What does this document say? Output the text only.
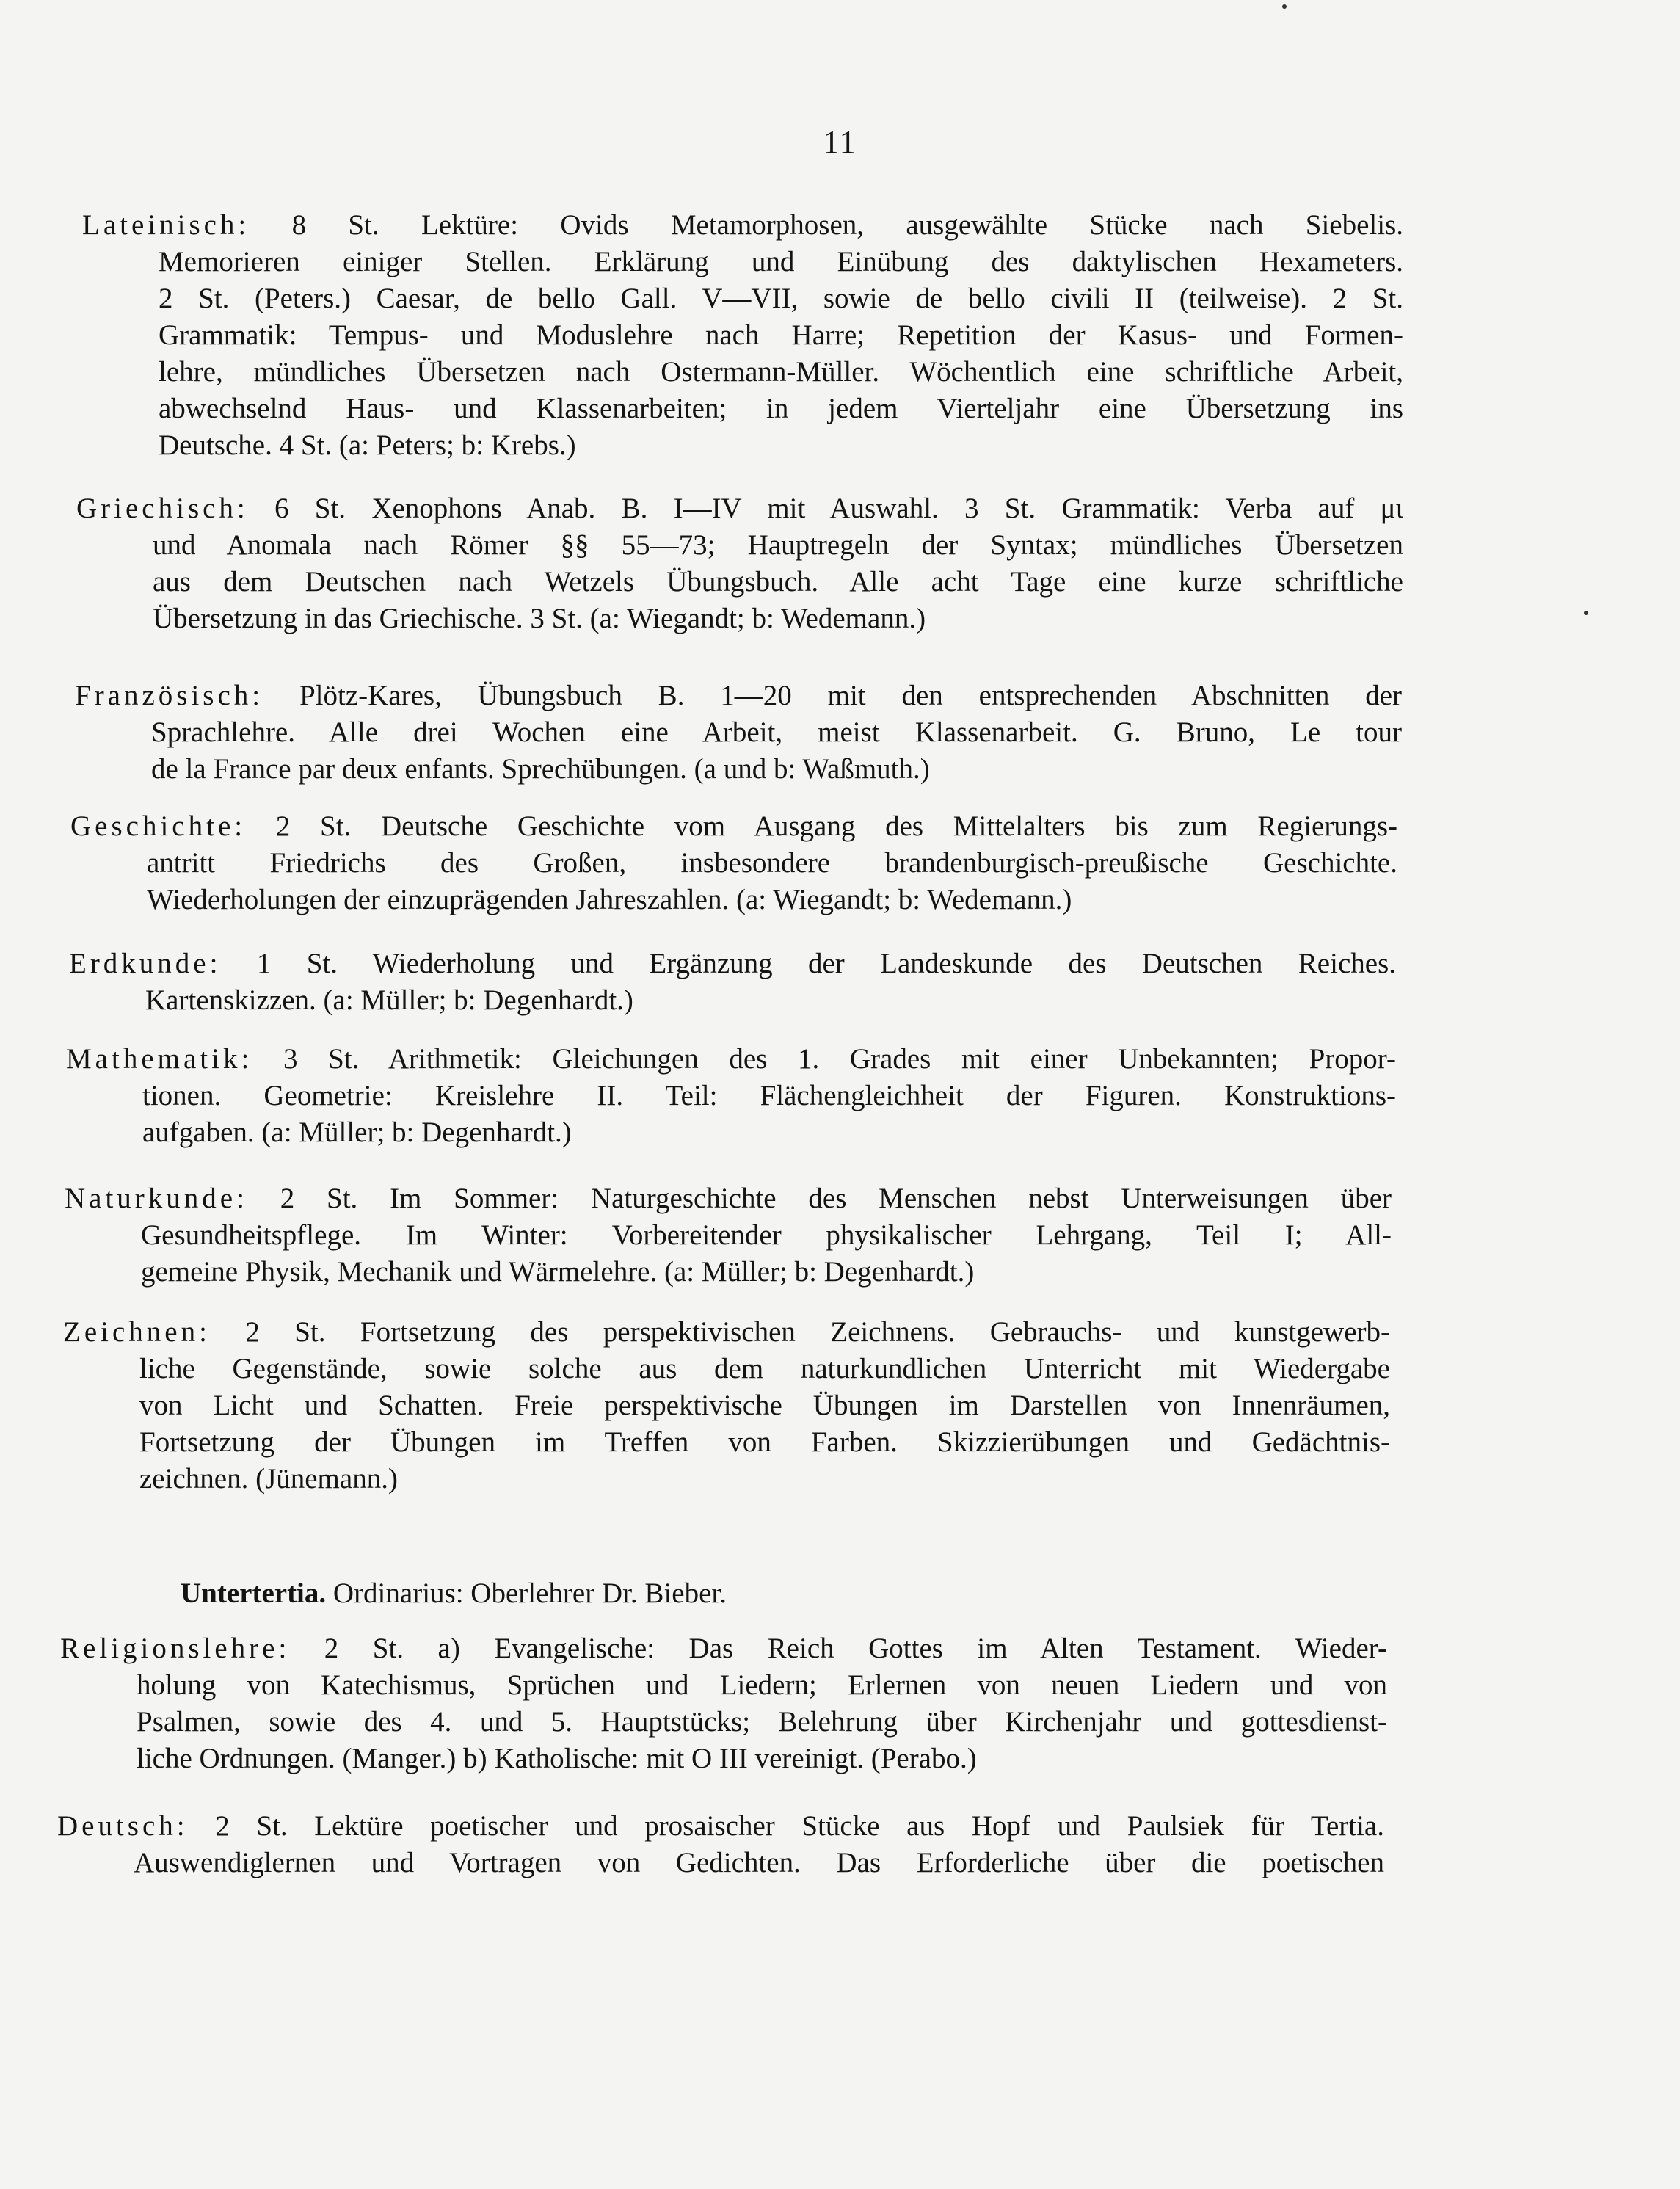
11
Lateinisch: 8 St. Lektüre: Ovids Metamorphosen, ausgewählte Stücke nach Siebelis.
Memorieren einiger Stellen. Erklärung und Einübung des daktylischen Hexameters.
2 St. (Peters.) Caesar, de bello Gall. V—VII, sowie de bello civili II (teilweise). 2 St.
Grammatik: Tempus- und Moduslehre nach Harre; Repetition der Kasus- und Formen-
lehre, mündliches Übersetzen nach Ostermann-Müller. Wöchentlich eine schriftliche Arbeit,
abwechselnd Haus- und Klassenarbeiten; in jedem Vierteljahr eine Übersetzung ins
Deutsche. 4 St. (a: Peters; b: Krebs.)
Griechisch: 6 St. Xenophons Anab. B. I—IV mit Auswahl. 3 St. Grammatik: Verba auf μι
und Anomala nach Römer §§ 55—73; Hauptregeln der Syntax; mündliches Übersetzen
aus dem Deutschen nach Wetzels Übungsbuch. Alle acht Tage eine kurze schriftliche
Übersetzung in das Griechische. 3 St. (a: Wiegandt; b: Wedemann.)
Französisch: Plötz-Kares, Übungsbuch B. 1—20 mit den entsprechenden Abschnitten der
Sprachlehre. Alle drei Wochen eine Arbeit, meist Klassenarbeit. G. Bruno, Le tour
de la France par deux enfants. Sprechübungen. (a und b: Waßmuth.)
Geschichte: 2 St. Deutsche Geschichte vom Ausgang des Mittelalters bis zum Regierungs-
antritt Friedrichs des Großen, insbesondere brandenburgisch-preußische Geschichte.
Wiederholungen der einzuprägenden Jahreszahlen. (a: Wiegandt; b: Wedemann.)
Erdkunde: 1 St. Wiederholung und Ergänzung der Landeskunde des Deutschen Reiches.
Kartenskizzen. (a: Müller; b: Degenhardt.)
Mathematik: 3 St. Arithmetik: Gleichungen des 1. Grades mit einer Unbekannten; Propor-
tionen. Geometrie: Kreislehre II. Teil: Flächengleichheit der Figuren. Konstruktions-
aufgaben. (a: Müller; b: Degenhardt.)
Naturkunde: 2 St. Im Sommer: Naturgeschichte des Menschen nebst Unterweisungen über
Gesundheitspflege. Im Winter: Vorbereitender physikalischer Lehrgang, Teil I; All-
gemeine Physik, Mechanik und Wärmelehre. (a: Müller; b: Degenhardt.)
Zeichnen: 2 St. Fortsetzung des perspektivischen Zeichnens. Gebrauchs- und kunstgewerb-
liche Gegenstände, sowie solche aus dem naturkundlichen Unterricht mit Wiedergabe
von Licht und Schatten. Freie perspektivische Übungen im Darstellen von Innenräumen,
Fortsetzung der Übungen im Treffen von Farben. Skizzierübungen und Gedächtnis-
zeichnen. (Jünemann.)
Untertertia. Ordinarius: Oberlehrer Dr. Bieber.
Religionslehre: 2 St. a) Evangelische: Das Reich Gottes im Alten Testament. Wieder-
holung von Katechismus, Sprüchen und Liedern; Erlernen von neuen Liedern und von
Psalmen, sowie des 4. und 5. Hauptstücks; Belehrung über Kirchenjahr und gottesdienst-
liche Ordnungen. (Manger.) b) Katholische: mit O III vereinigt. (Perabo.)
Deutsch: 2 St. Lektüre poetischer und prosaischer Stücke aus Hopf und Paulsiek für Tertia.
Auswendiglernen und Vortragen von Gedichten. Das Erforderliche über die poetischen
